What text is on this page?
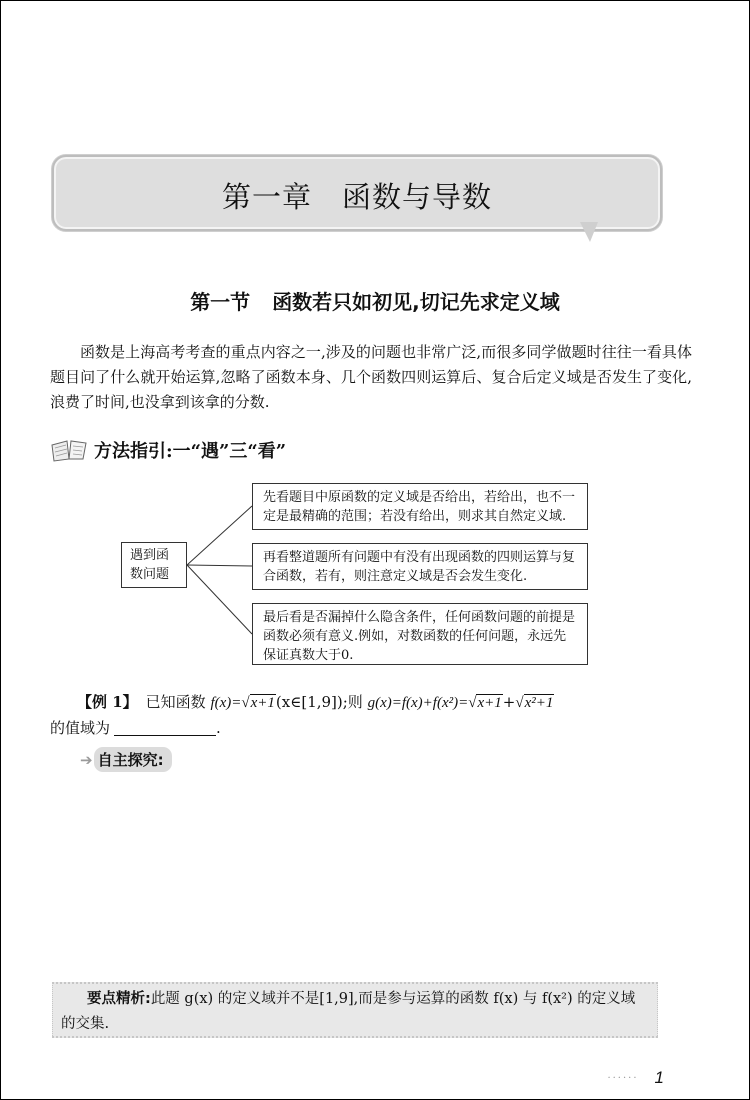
第一章 函数与导数
第一节 函数若只如初见,切记先求定义域

函数是上海高考考查的重点内容之一,涉及的问题也非常广泛,而很多同学做题时往往一看具体题目问了什么就开始运算,忽略了函数本身、几个函数四则运算后、复合后定义域是否发生了变化,浪费了时间,也没拿到该拿的分数.

方法指引:一“遇”三“看”
遇到函数问题
先看题目中原函数的定义域是否给出，若给出，也不一定是最精确的范围；若没有给出，则求其自然定义域.
再看整道题所有问题中有没有出现函数的四则运算与复合函数，若有，则注意定义域是否会发生变化.
最后看是否漏掉什么隐含条件，任何函数问题的前提是函数必须有意义.例如，对数函数的任何问题，永远先保证真数大于0.
【例 1】 已知函数 f(x)=√x+1(x∈[1,9]);则 g(x)=f(x)+f(x²)=√x+1+√x²+1
的值域为	.
➔ 自主探究:
要点精析:此题 g(x) 的定义域并不是[1,9],而是参与运算的函数 f(x) 与 f(x²) 的定义域的交集.
······ 1
